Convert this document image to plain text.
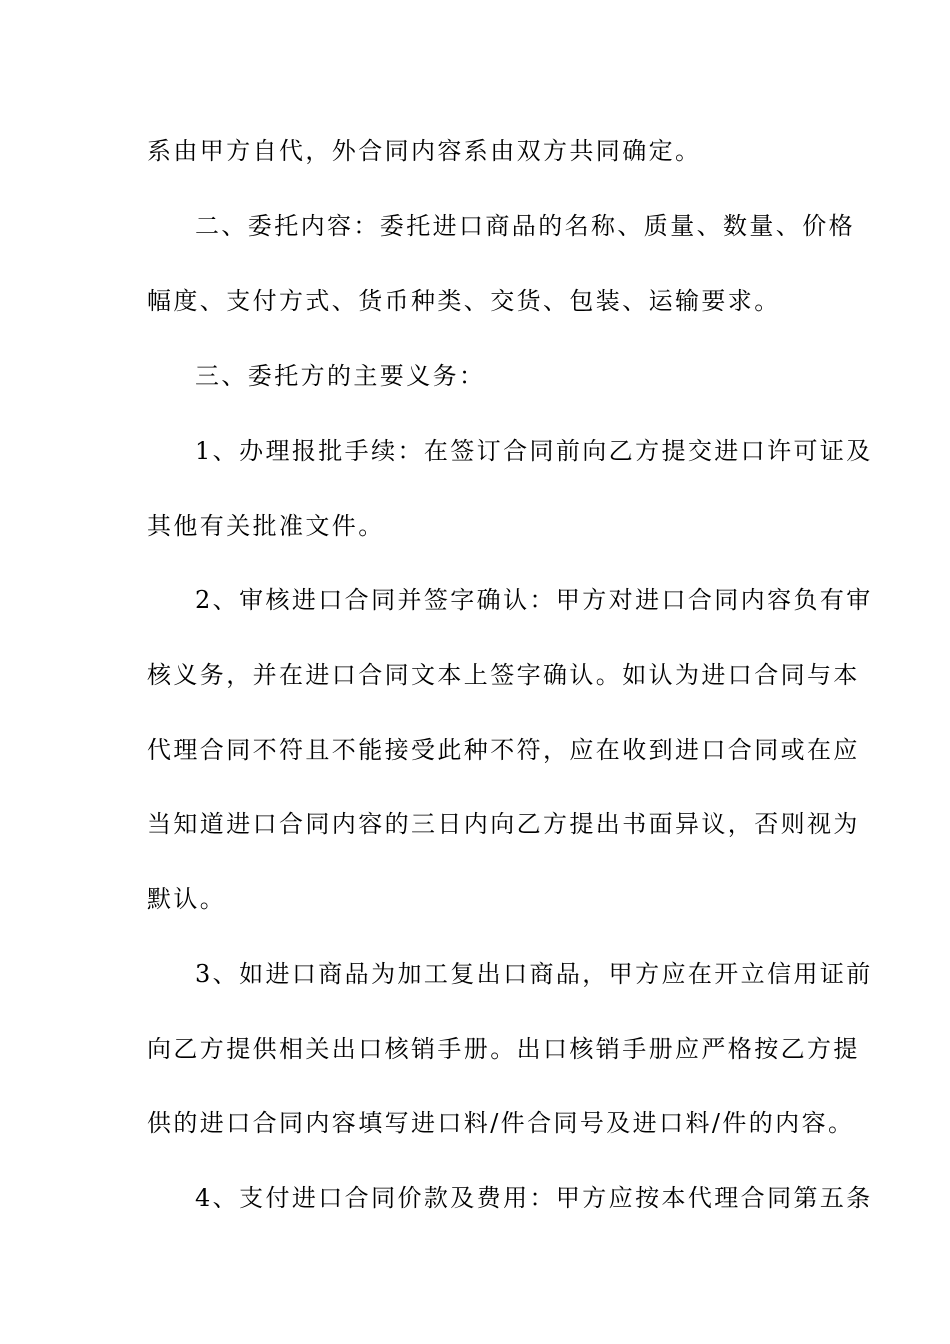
系由甲方自代，外合同内容系由双方共同确定。
二、委托内容：委托进口商品的名称、质量、数量、价格
幅度、支付方式、货币种类、交货、包装、运输要求。
三、委托方的主要义务：
1、办理报批手续：在签订合同前向乙方提交进口许可证及
其他有关批准文件。
2、审核进口合同并签字确认：甲方对进口合同内容负有审
核义务，并在进口合同文本上签字确认。如认为进口合同与本
代理合同不符且不能接受此种不符，应在收到进口合同或在应
当知道进口合同内容的三日内向乙方提出书面异议，否则视为
默认。
3、如进口商品为加工复出口商品，甲方应在开立信用证前
向乙方提供相关出口核销手册。出口核销手册应严格按乙方提
供的进口合同内容填写进口料/件合同号及进口料/件的内容。
4、支付进口合同价款及费用：甲方应按本代理合同第五条
